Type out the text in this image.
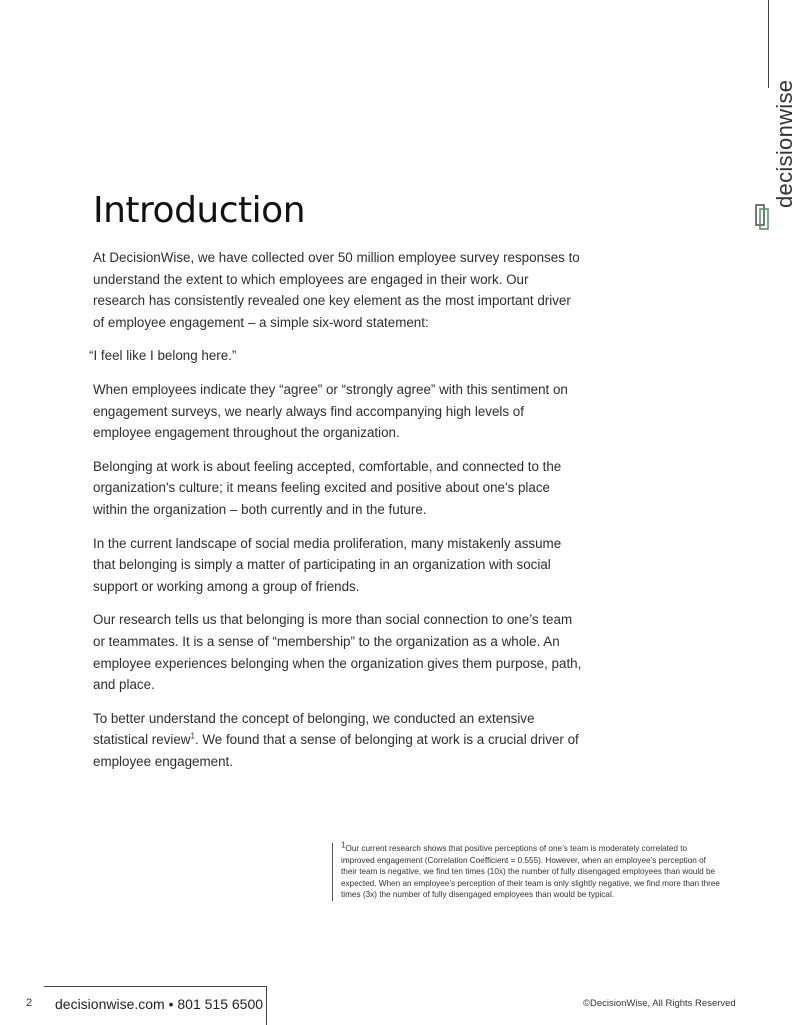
decisionwise
Introduction

At DecisionWise, we have collected over 50 million employee survey responses to understand the extent to which employees are engaged in their work. Our research has consistently revealed one key element as the most important driver of employee engagement – a simple six-word statement:

“I feel like I belong here.”

When employees indicate they “agree” or “strongly agree” with this sentiment on engagement surveys, we nearly always find accompanying high levels of employee engagement throughout the organization.

Belonging at work is about feeling accepted, comfortable, and connected to the organization's culture; it means feeling excited and positive about one's place within the organization – both currently and in the future.

In the current landscape of social media proliferation, many mistakenly assume that belonging is simply a matter of participating in an organization with social support or working among a group of friends.

Our research tells us that belonging is more than social connection to one’s team or teammates. It is a sense of “membership” to the organization as a whole. An employee experiences belonging when the organization gives them purpose, path, and place.

To better understand the concept of belonging, we conducted an extensive statistical review$^1$. We found that a sense of belonging at work is a crucial driver of employee engagement.

$^1$Our current research shows that positive perceptions of one’s team is moderately correlated to improved engagement (Correlation Coefficient = 0.555). However, when an employee’s perception of their team is negative, we find ten times (10x) the number of fully disengaged employees than would be expected. When an employee’s perception of their team is only slightly negative, we find more than three times (3x) the number of fully disengaged employees than would be typical.
2 decisionwise.com • 801 515 6500	©DecisionWise, All Rights Reserved
